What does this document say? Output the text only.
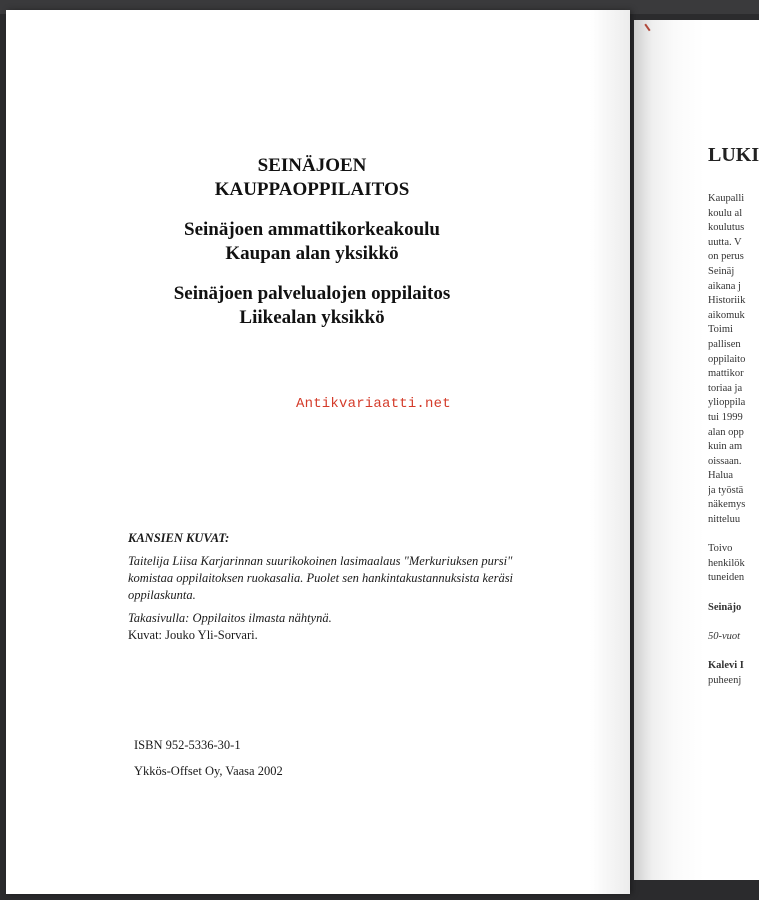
SEINÄJOEN
KAUPPAOPPILAITOS
Seinäjoen ammattikorkeakoulu
Kaupan alan yksikkö
Seinäjoen palvelualojen oppilaitos
Liikealan yksikkö
Antikvariaatti.net
KANSIEN KUVAT:
Taitelija Liisa Karjarinnan suurikokoinen lasimaalaus "Merkuriuksen pursi"
komistaa oppilaitoksen ruokasalia. Puolet sen hankintakustannuksista keräsi
oppilaskunta.
Takasivulla: Oppilaitos ilmasta nähtynä.
Kuvat: Jouko Yli-Sorvari.
ISBN 952-5336-30-1
Ykkös-Offset Oy, Vaasa 2002
LUKI
Kaupalli
koulu al
koulutus
uutta. V
on perus
Seinäj
aikana j
Historiik
aikomuk
Toimi
pallisen
oppilaito
mattikor
toriaa ja
ylioppila
tui 1999
alan opp
kuin am
oissaan.
Halua
ja työstä
näkemys
nitteluu
Toivo
henkilök
tuneiden
Seinäjo
50-vuot
Kalevi I
puheenj
